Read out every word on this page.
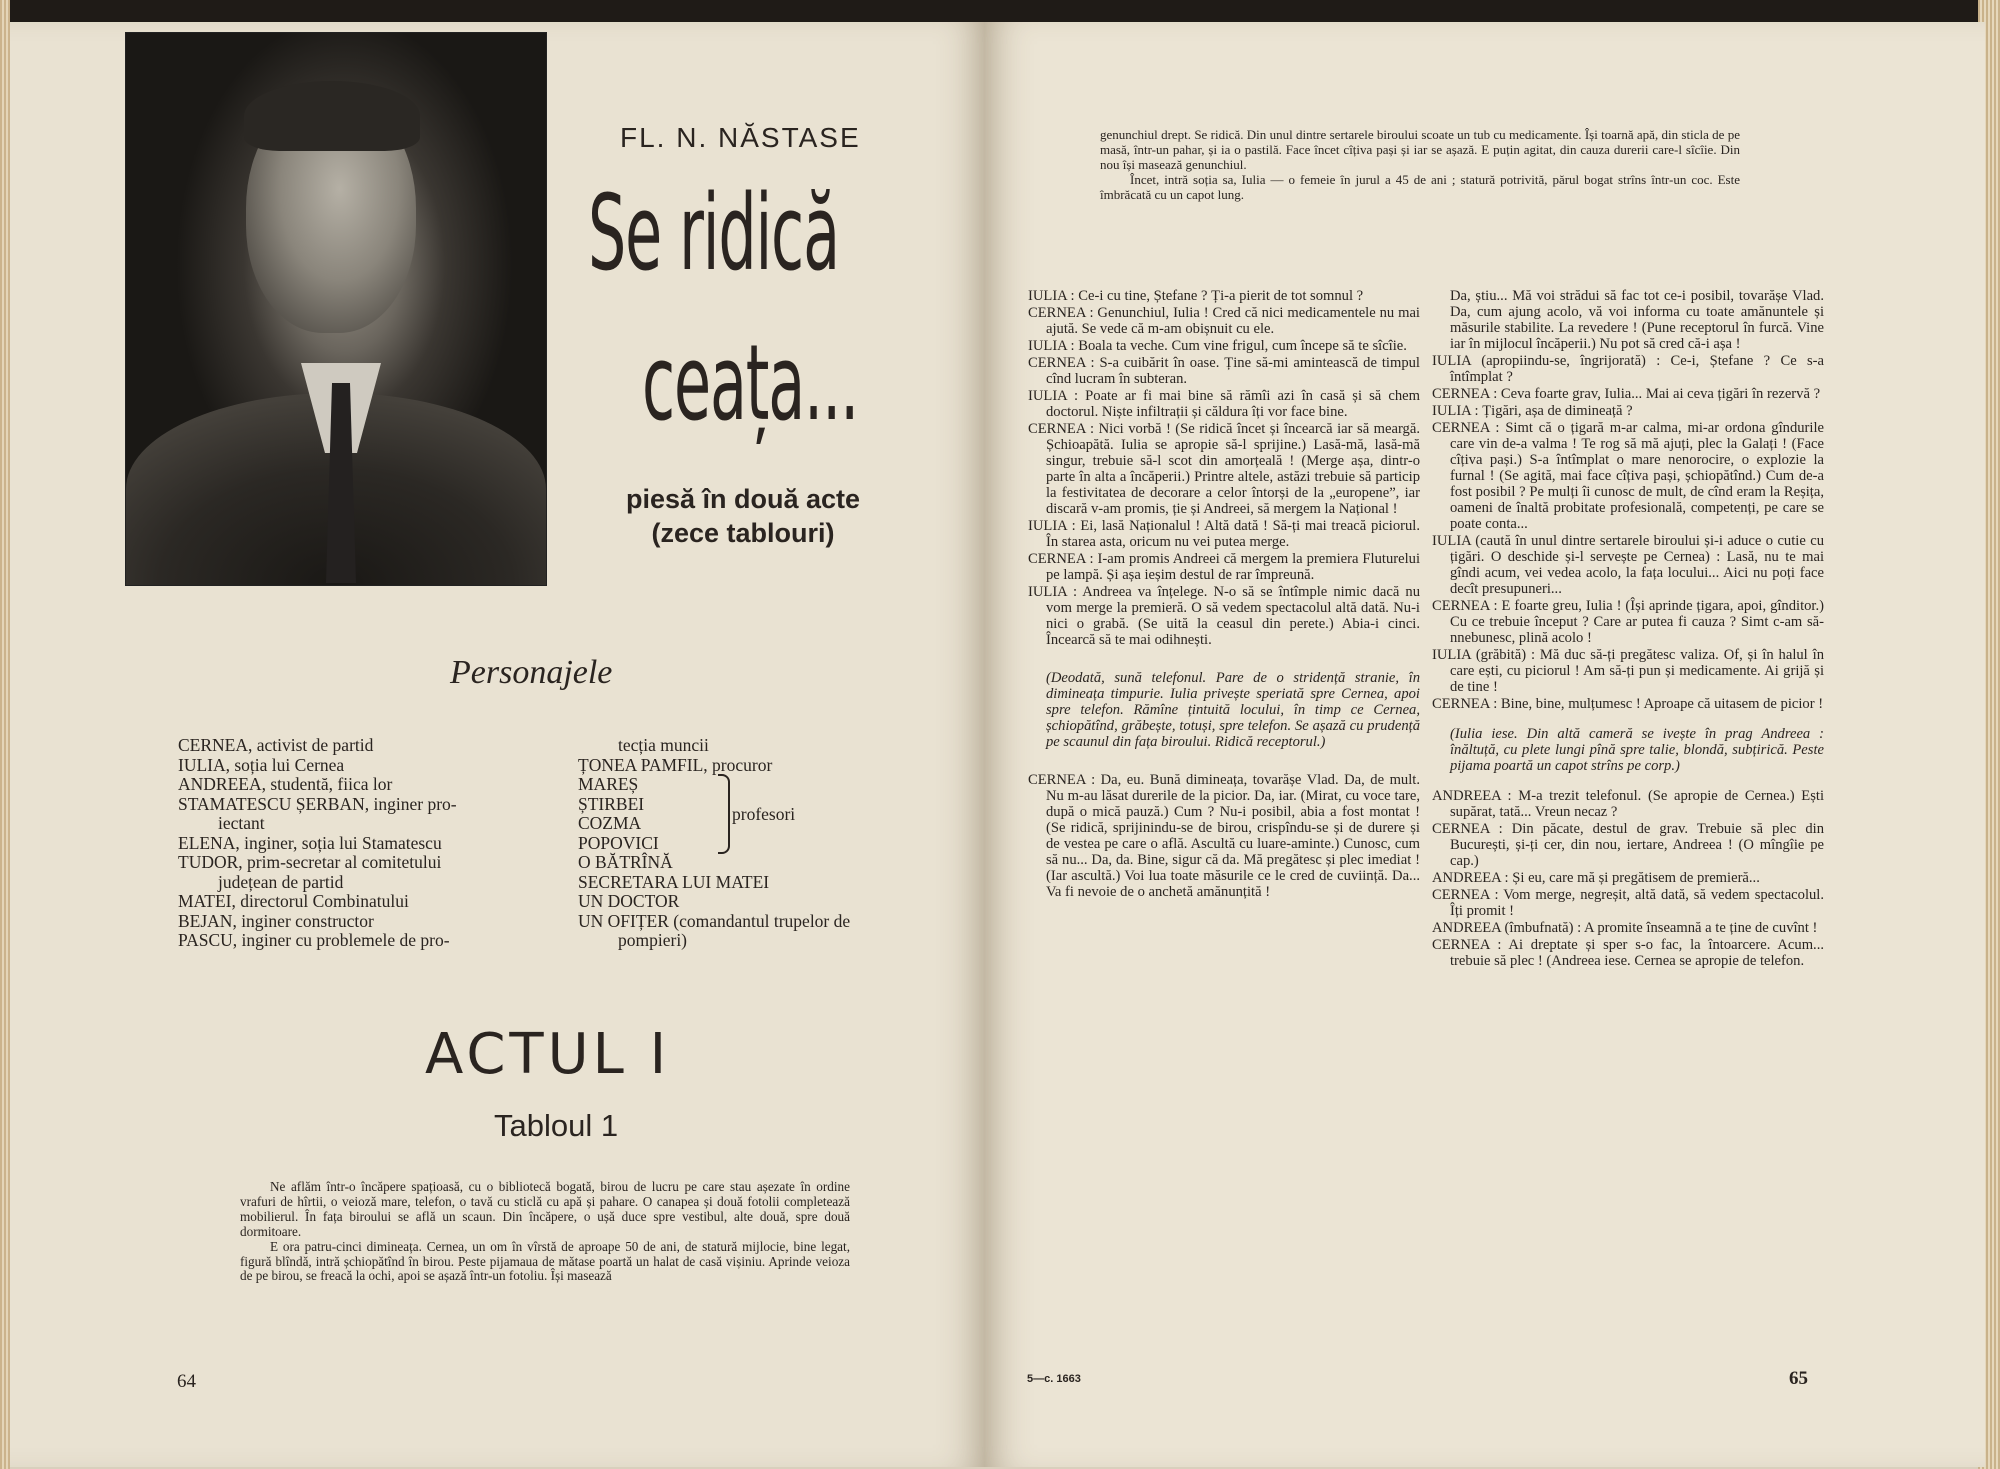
FL. N. NĂSTASE
Se ridică
ceața...
piesă în două acte (zece tablouri)
Personajele
CERNEA, activist de partid
IULIA, soția lui Cernea
ANDREEA, studentă, fiica lor
STAMATESCU ȘERBAN, inginer pro-
iectant
ELENA, inginer, soția lui Stamatescu
TUDOR, prim-secretar al comitetului
județean de partid
MATEI, directorul Combinatului
BEJAN, inginer constructor
PASCU, inginer cu problemele de pro-
tecția muncii
ȚONEA PAMFIL, procuror
MAREȘ
ȘTIRBEI
COZMA
POPOVICI
O BĂTRÎNĂ
SECRETARA LUI MATEI
UN DOCTOR
UN OFIȚER (comandantul trupelor de
pompieri)
profesori
ACTUL I
Tabloul 1

Ne aflăm într-o încăpere spațioasă, cu o bibliotecă bogată, birou de lucru pe care stau așezate în ordine vrafuri de hîrtii, o veioză mare, telefon, o tavă cu sticlă cu apă și pahare. O canapea și două fotolii completează mobilierul. În fața biroului se află un scaun. Din încăpere, o ușă duce spre vestibul, alte două, spre două dormitoare.

E ora patru-cinci dimineața. Cernea, un om în vîrstă de aproape 50 de ani, de statură mijlocie, bine legat, figură blîndă, intră șchiopătînd în birou. Peste pijamaua de mătase poartă un halat de casă vișiniu. Aprinde veioza de pe birou, se freacă la ochi, apoi se așază într-un fotoliu. Își masează

64

genunchiul drept. Se ridică. Din unul dintre sertarele biroului scoate un tub cu medicamente. Își toarnă apă, din sticla de pe masă, într-un pahar, și ia o pastilă. Face încet cîțiva pași și iar se așază. E puțin agitat, din cauza durerii care-l sîcîie. Din nou își masează genunchiul.

Încet, intră soția sa, Iulia — o femeie în jurul a 45 de ani ; statură potrivită, părul bogat strîns într-un coc. Este îmbrăcată cu un capot lung.

IULIA : Ce-i cu tine, Ștefane ? Ți-a pierit de tot somnul ?

CERNEA : Genunchiul, Iulia ! Cred că nici medicamentele nu mai ajută. Se vede că m-am obișnuit cu ele.

IULIA : Boala ta veche. Cum vine frigul, cum începe să te sîcîie.

CERNEA : S-a cuibărit în oase. Ține să-mi amintească de timpul cînd lucram în subteran.

IULIA : Poate ar fi mai bine să rămîi azi în casă și să chem doctorul. Niște infiltrații și căldura îți vor face bine.

CERNEA : Nici vorbă ! (Se ridică încet și încearcă iar să meargă. Șchioapătă. Iulia se apropie să-l sprijine.) Lasă-mă, lasă-mă singur, trebuie să-l scot din amorțeală ! (Merge așa, dintr-o parte în alta a încăperii.) Printre altele, astăzi trebuie să particip la festivitatea de decorare a celor întorși de la „europene”, iar discară v-am promis, ție și Andreei, să mergem la Național !

IULIA : Ei, lasă Naționalul ! Altă dată ! Să-ți mai treacă piciorul. În starea asta, oricum nu vei putea merge.

CERNEA : I-am promis Andreei că mergem la premiera Fluturelui pe lampă. Și așa ieșim destul de rar împreună.

IULIA : Andreea va înțelege. N-o să se întîmple nimic dacă nu vom merge la premieră. O să vedem spectacolul altă dată. Nu-i nici o grabă. (Se uită la ceasul din perete.) Abia-i cinci. Încearcă să te mai odihnești.

(Deodată, sună telefonul. Pare de o stridență stranie, în dimineața timpurie. Iulia privește speriată spre Cernea, apoi spre telefon. Rămîne țintuită locului, în timp ce Cernea, șchiopătînd, grăbește, totuși, spre telefon. Se așază cu prudență pe scaunul din fața biroului. Ridică receptorul.)

CERNEA : Da, eu. Bună dimineața, tovarășe Vlad. Da, de mult. Nu m-au lăsat durerile de la picior. Da, iar. (Mirat, cu voce tare, după o mică pauză.) Cum ? Nu-i posibil, abia a fost montat ! (Se ridică, sprijinindu-se de birou, crispîndu-se și de durere și de vestea pe care o află. Ascultă cu luare-aminte.) Cunosc, cum să nu... Da, da. Bine, sigur că da. Mă pregătesc și plec imediat ! (Iar ascultă.) Voi lua toate măsurile ce le cred de cuviință. Da... Va fi nevoie de o anchetă amănunțită !

Da, știu... Mă voi strădui să fac tot ce-i posibil, tovarășe Vlad. Da, cum ajung acolo, vă voi informa cu toate amănuntele și măsurile stabilite. La revedere ! (Pune receptorul în furcă. Vine iar în mijlocul încăperii.) Nu pot să cred că-i așa !

IULIA (apropiindu-se, îngrijorată) : Ce-i, Ștefane ? Ce s-a întîmplat ?

CERNEA : Ceva foarte grav, Iulia... Mai ai ceva țigări în rezervă ?

IULIA : Țigări, așa de dimineață ?

CERNEA : Simt că o țigară m-ar calma, mi-ar ordona gîndurile care vin de-a valma ! Te rog să mă ajuți, plec la Galați ! (Face cîțiva pași.) S-a întîmplat o mare nenorocire, o explozie la furnal ! (Se agită, mai face cîțiva pași, șchiopătînd.) Cum de-a fost posibil ? Pe mulți îi cunosc de mult, de cînd eram la Reșița, oameni de înaltă probitate profesională, competenți, pe care se poate conta...

IULIA (caută în unul dintre sertarele biroului și-i aduce o cutie cu țigări. O deschide și-l servește pe Cernea) : Lasă, nu te mai gîndi acum, vei vedea acolo, la fața locului... Aici nu poți face decît presupuneri...

CERNEA : E foarte greu, Iulia ! (Își aprinde țigara, apoi, gînditor.) Cu ce trebuie început ? Care ar putea fi cauza ? Simt c-am să-nnebunesc, plină acolo !

IULIA (grăbită) : Mă duc să-ți pregătesc valiza. Of, și în halul în care ești, cu piciorul ! Am să-ți pun și medicamente. Ai grijă și de tine !

CERNEA : Bine, bine, mulțumesc ! Aproape că uitasem de picior !

(Iulia iese. Din altă cameră se ivește în prag Andreea : înăltuță, cu plete lungi pînă spre talie, blondă, subțirică. Peste pijama poartă un capot strîns pe corp.)

ANDREEA : M-a trezit telefonul. (Se apropie de Cernea.) Ești supărat, tată... Vreun necaz ?

CERNEA : Din păcate, destul de grav. Trebuie să plec din București, și-ți cer, din nou, iertare, Andreea ! (O mîngîie pe cap.)

ANDREEA : Și eu, care mă și pregătisem de premieră...

CERNEA : Vom merge, negreșit, altă dată, să vedem spectacolul. Îți promit !

ANDREEA (îmbufnată) : A promite înseamnă a te ține de cuvînt !

CERNEA : Ai dreptate și sper s-o fac, la întoarcere. Acum... trebuie să plec ! (Andreea iese. Cernea se apropie de telefon.

5—c. 1663	65
